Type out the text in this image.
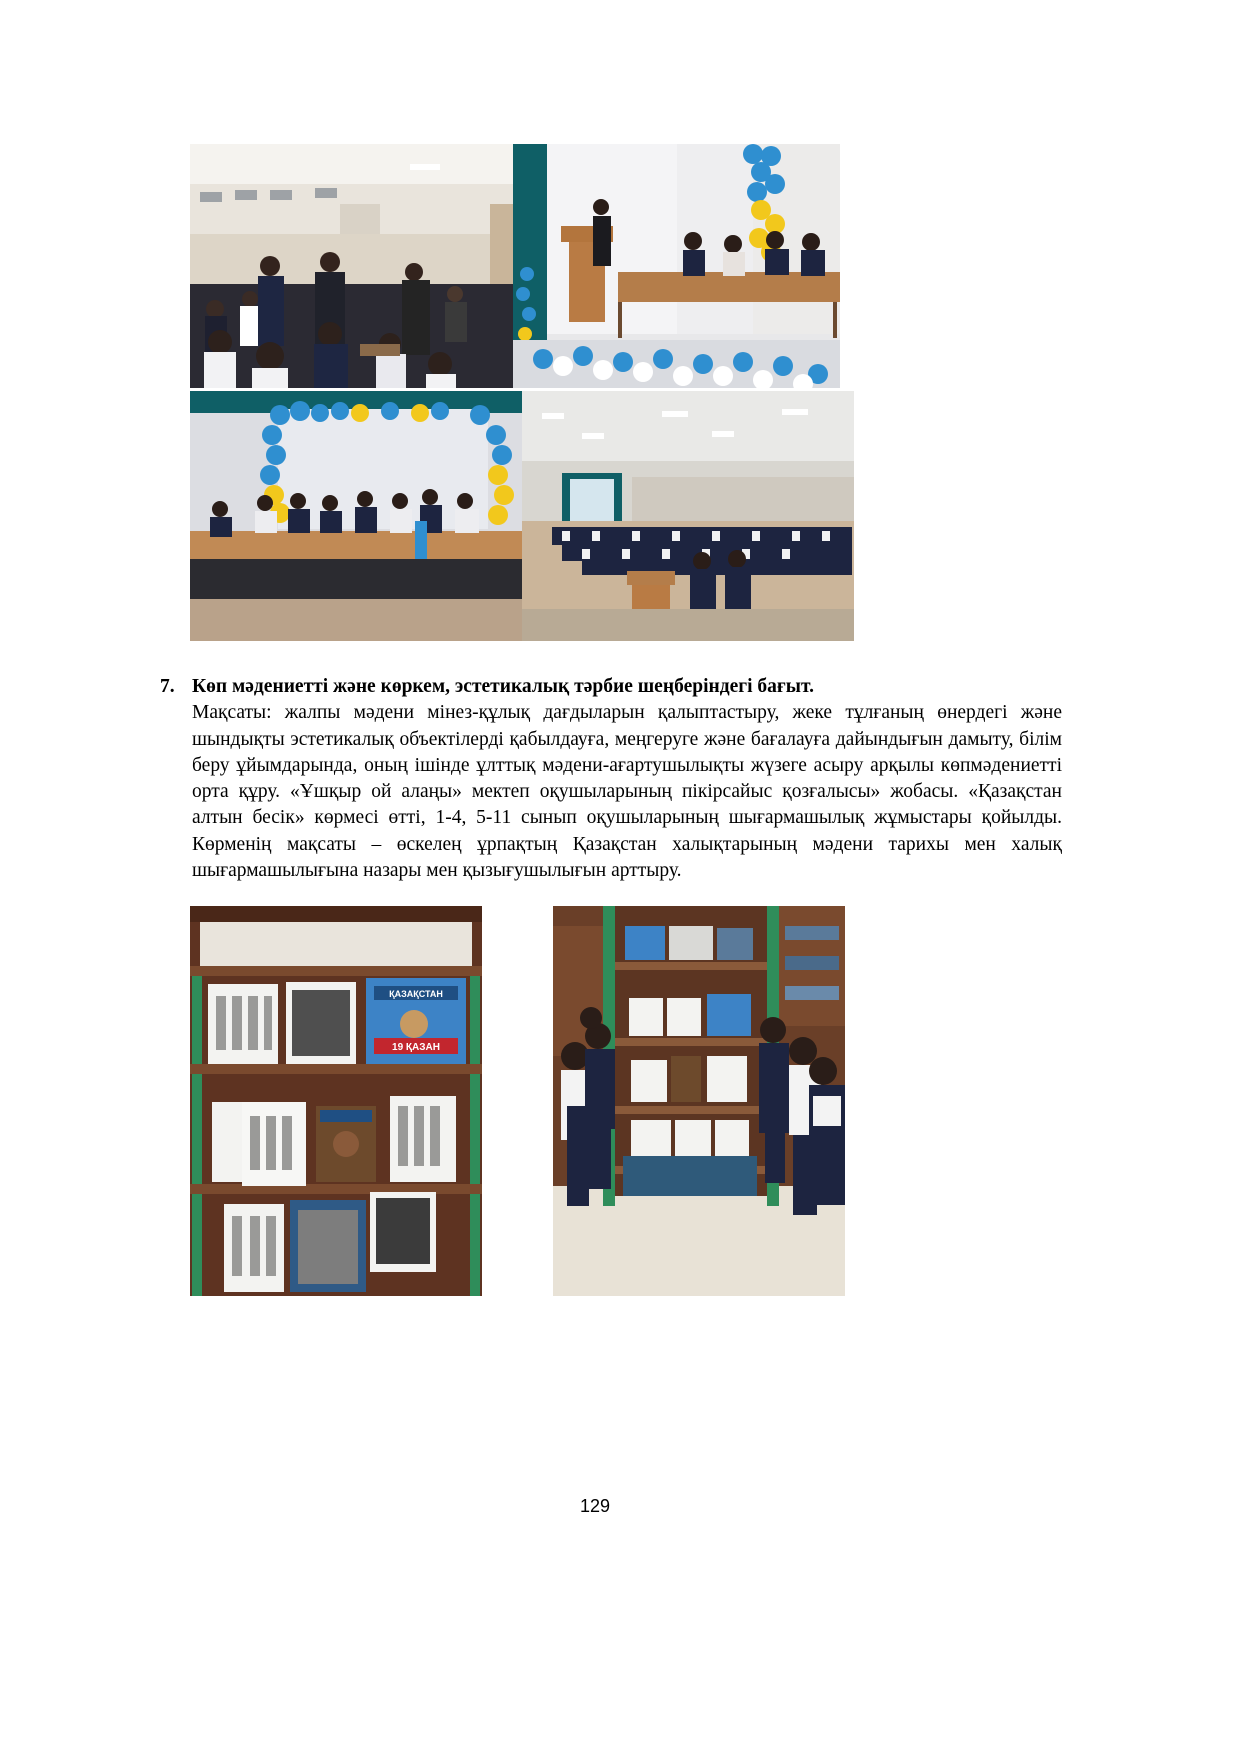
7. Көп мәдениетті және көркем, эстетикалық тәрбие шеңберіндегі бағыт.
Мақсаты: жалпы мәдени мінез-құлық дағдыларын қалыптастыру, жеке тұлғаның өнердегі және шындықты эстетикалық объектілерді қабылдауға, меңгеруге және бағалауға дайындығын дамыту, білім беру ұйымдарында, оның ішінде ұлттық мәдени-ағартушылықты жүзеге асыру арқылы көпмәдениетті орта құру. «Ұшқыр ой алаңы» мектеп оқушыларының пікірсайыс қозғалысы» жобасы. «Қазақстан алтын бесік» көрмесі өтті, 1-4, 5-11 сынып оқушыларының шығармашылық жұмыстары қойылды. Көрменің мақсаты – өскелең ұрпақтың Қазақстан халықтарының мәдени тарихы мен халық шығармашылығына назары мен қызығушылығын арттыру.
ҚАЗАҚСТАН
19 ҚАЗАН
129
